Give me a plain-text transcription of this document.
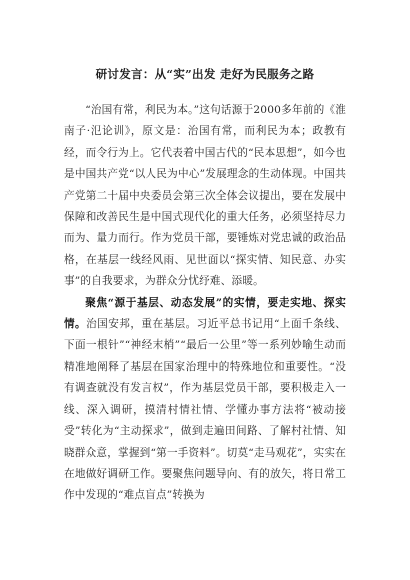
研讨发言：从“实”出发 走好为民服务之路

“治国有常，利民为本。”这句话源于2000多年前的《淮南子·氾论训》，原文是：治国有常，而利民为本；政教有经，而令行为上。它代表着中国古代的“民本思想”，如今也是中国共产党“以人民为中心”发展理念的生动体现。中国共产党第二十届中央委员会第三次全体会议提出，要在发展中保障和改善民生是中国式现代化的重大任务，必须坚持尽力而为、量力而行。作为党员干部，要锤炼对党忠诚的政治品格，在基层一线经风雨、见世面以“探实情、知民意、办实事”的自我要求，为群众分忧纾难、添暖。

聚焦“源于基层、动态发展”的实情，要走实地、探实情。治国安邦，重在基层。习近平总书记用“上面千条线、下面一根针”“神经末梢”“最后一公里”等一系列妙喻生动而精准地阐释了基层在国家治理中的特殊地位和重要性。“没有调查就没有发言权”，作为基层党员干部，要积极走入一线、深入调研，摸清村情社情、学懂办事方法将“被动接受”转化为“主动探求”，做到走遍田间路、了解村社情、知晓群众意，掌握到“第一手资料”。切莫“走马观花”，实实在在地做好调研工作。要聚焦问题导向、有的放矢，将日常工作中发现的“难点盲点”转换为
